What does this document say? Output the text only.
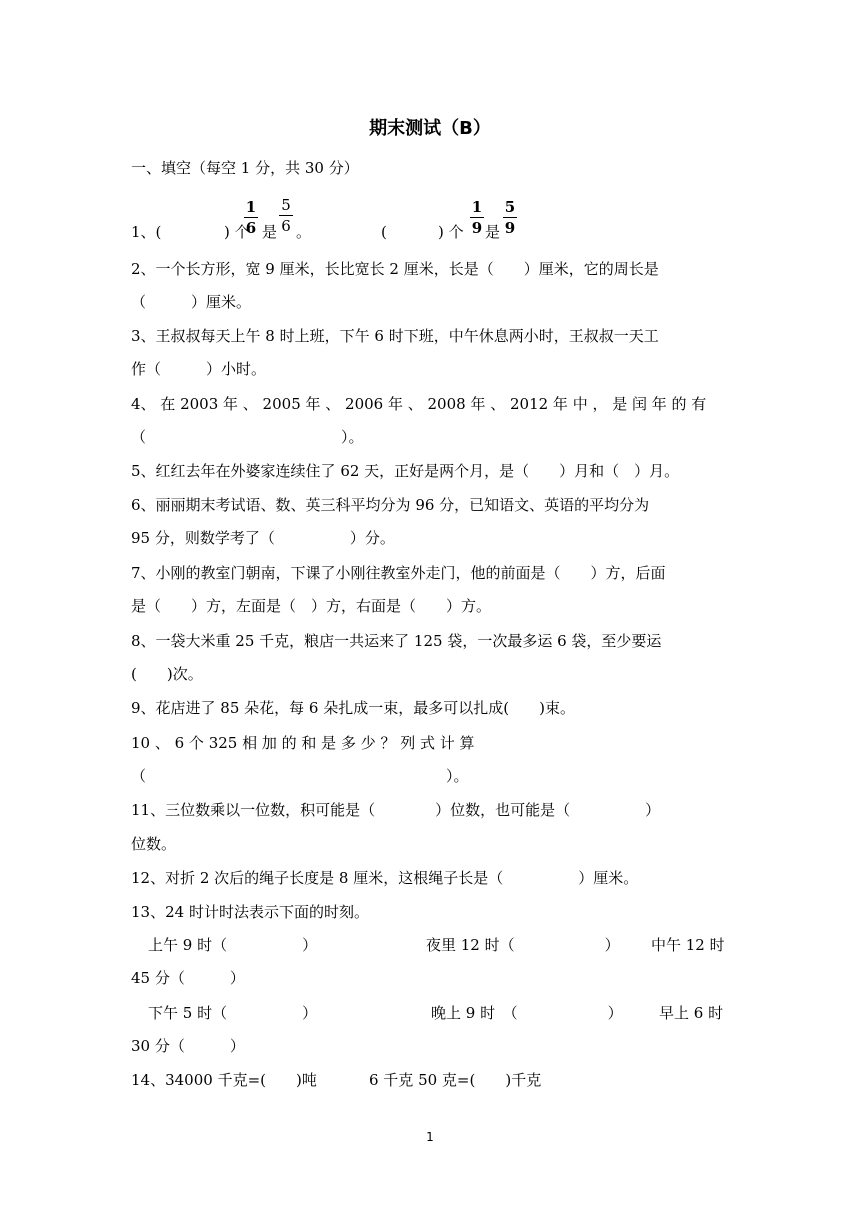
期末测试（B）
一、填空（每空 1 分，共 30 分）
1、(	) 个 是 。	(	) 个 是
1
6
5
6
1
9
5
9
2、一个长方形，宽 9 厘米，长比宽长 2 厘米，长是（　　）厘米，它的周长是
（　　　）厘米。
3、王叔叔每天上午 8 时上班，下午 6 时下班，中午休息两小时，王叔叔一天工
作（　　　）小时。
4、 在 2003 年 、 2005 年 、 2006 年 、 2008 年 、 2012 年 中 ， 是 闰 年 的 有
（　　　　　　　　　　　　　）。
5、红红去年在外婆家连续住了 62 天，正好是两个月，是（　　）月和（　）月。
6、丽丽期末考试语、数、英三科平均分为 96 分，已知语文、英语的平均分为
95 分，则数学考了（　　　　　）分。
7、小刚的教室门朝南，下课了小刚往教室外走门，他的前面是（　　）方，后面
是（　　）方，左面是（　）方，右面是（　　）方。
8、一袋大米重 25 千克，粮店一共运来了 125 袋，一次最多运 6 袋，至少要运
(　　)次。
9、花店进了 85 朵花，每 6 朵扎成一束，最多可以扎成(　　)束。
10 、 6 个 325 相 加 的 和 是 多 少 ？ 列 式 计 算
（　　　　　　　　　　　　　　　　　　　　）。
11、三位数乘以一位数，积可能是（　　　　）位数，也可能是（　　　　　）
位数。
12、对折 2 次后的绳子长度是 8 厘米，这根绳子长是（　　　　　）厘米。
13、24 时计时法表示下面的时刻。
上午 9 时（　　　　　）	夜里 12 时（　　　　　　） 中午 12 时
45 分（　　　）
下午 5 时（　　　　　）	晚上 9 时　（　　　　　　） 早上 6 时
30 分（　　　）
14、34000 千克=(　　)吨	6 千克 50 克=(　　)千克
1
